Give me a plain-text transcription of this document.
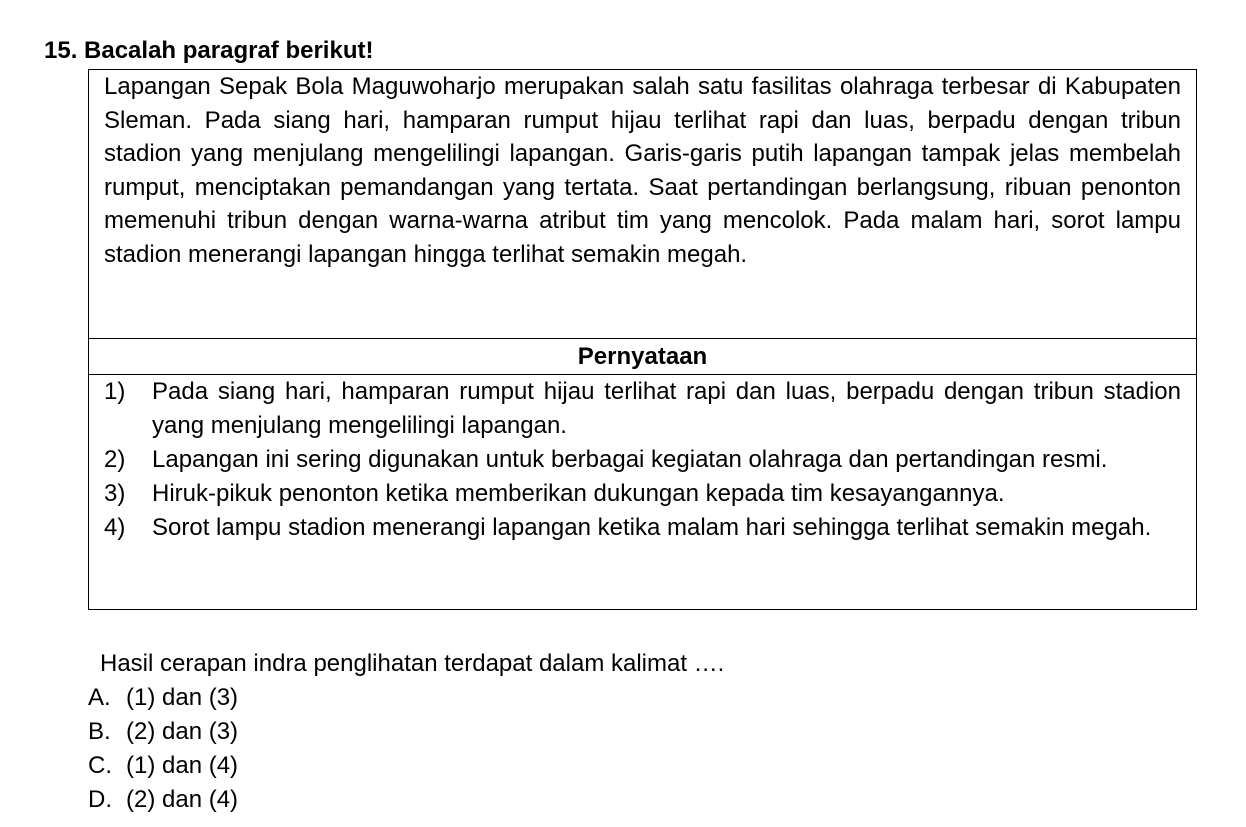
15. Bacalah paragraf berikut!
Lapangan Sepak Bola Maguwoharjo merupakan salah satu fasilitas olahraga terbesar di Kabupaten Sleman. Pada siang hari, hamparan rumput hijau terlihat rapi dan luas, berpadu dengan tribun stadion yang menjulang mengelilingi lapangan. Garis-garis putih lapangan tampak jelas membelah rumput, menciptakan pemandangan yang tertata. Saat pertandingan berlangsung, ribuan penonton memenuhi tribun dengan warna-warna atribut tim yang mencolok. Pada malam hari, sorot lampu stadion menerangi lapangan hingga terlihat semakin megah.
Pernyataan
1)	Pada siang hari, hamparan rumput hijau terlihat rapi dan luas, berpadu dengan tribun stadion yang menjulang mengelilingi lapangan.
2)	Lapangan ini sering digunakan untuk berbagai kegiatan olahraga dan pertandingan resmi.
3)	Hiruk-pikuk penonton ketika memberikan dukungan kepada tim kesayangannya.
4)	Sorot lampu stadion menerangi lapangan ketika malam hari sehingga terlihat semakin megah.
Hasil cerapan indra penglihatan terdapat dalam kalimat ….
A. (1) dan (3)
B. (2) dan (3)
C. (1) dan (4)
D. (2) dan (4)
